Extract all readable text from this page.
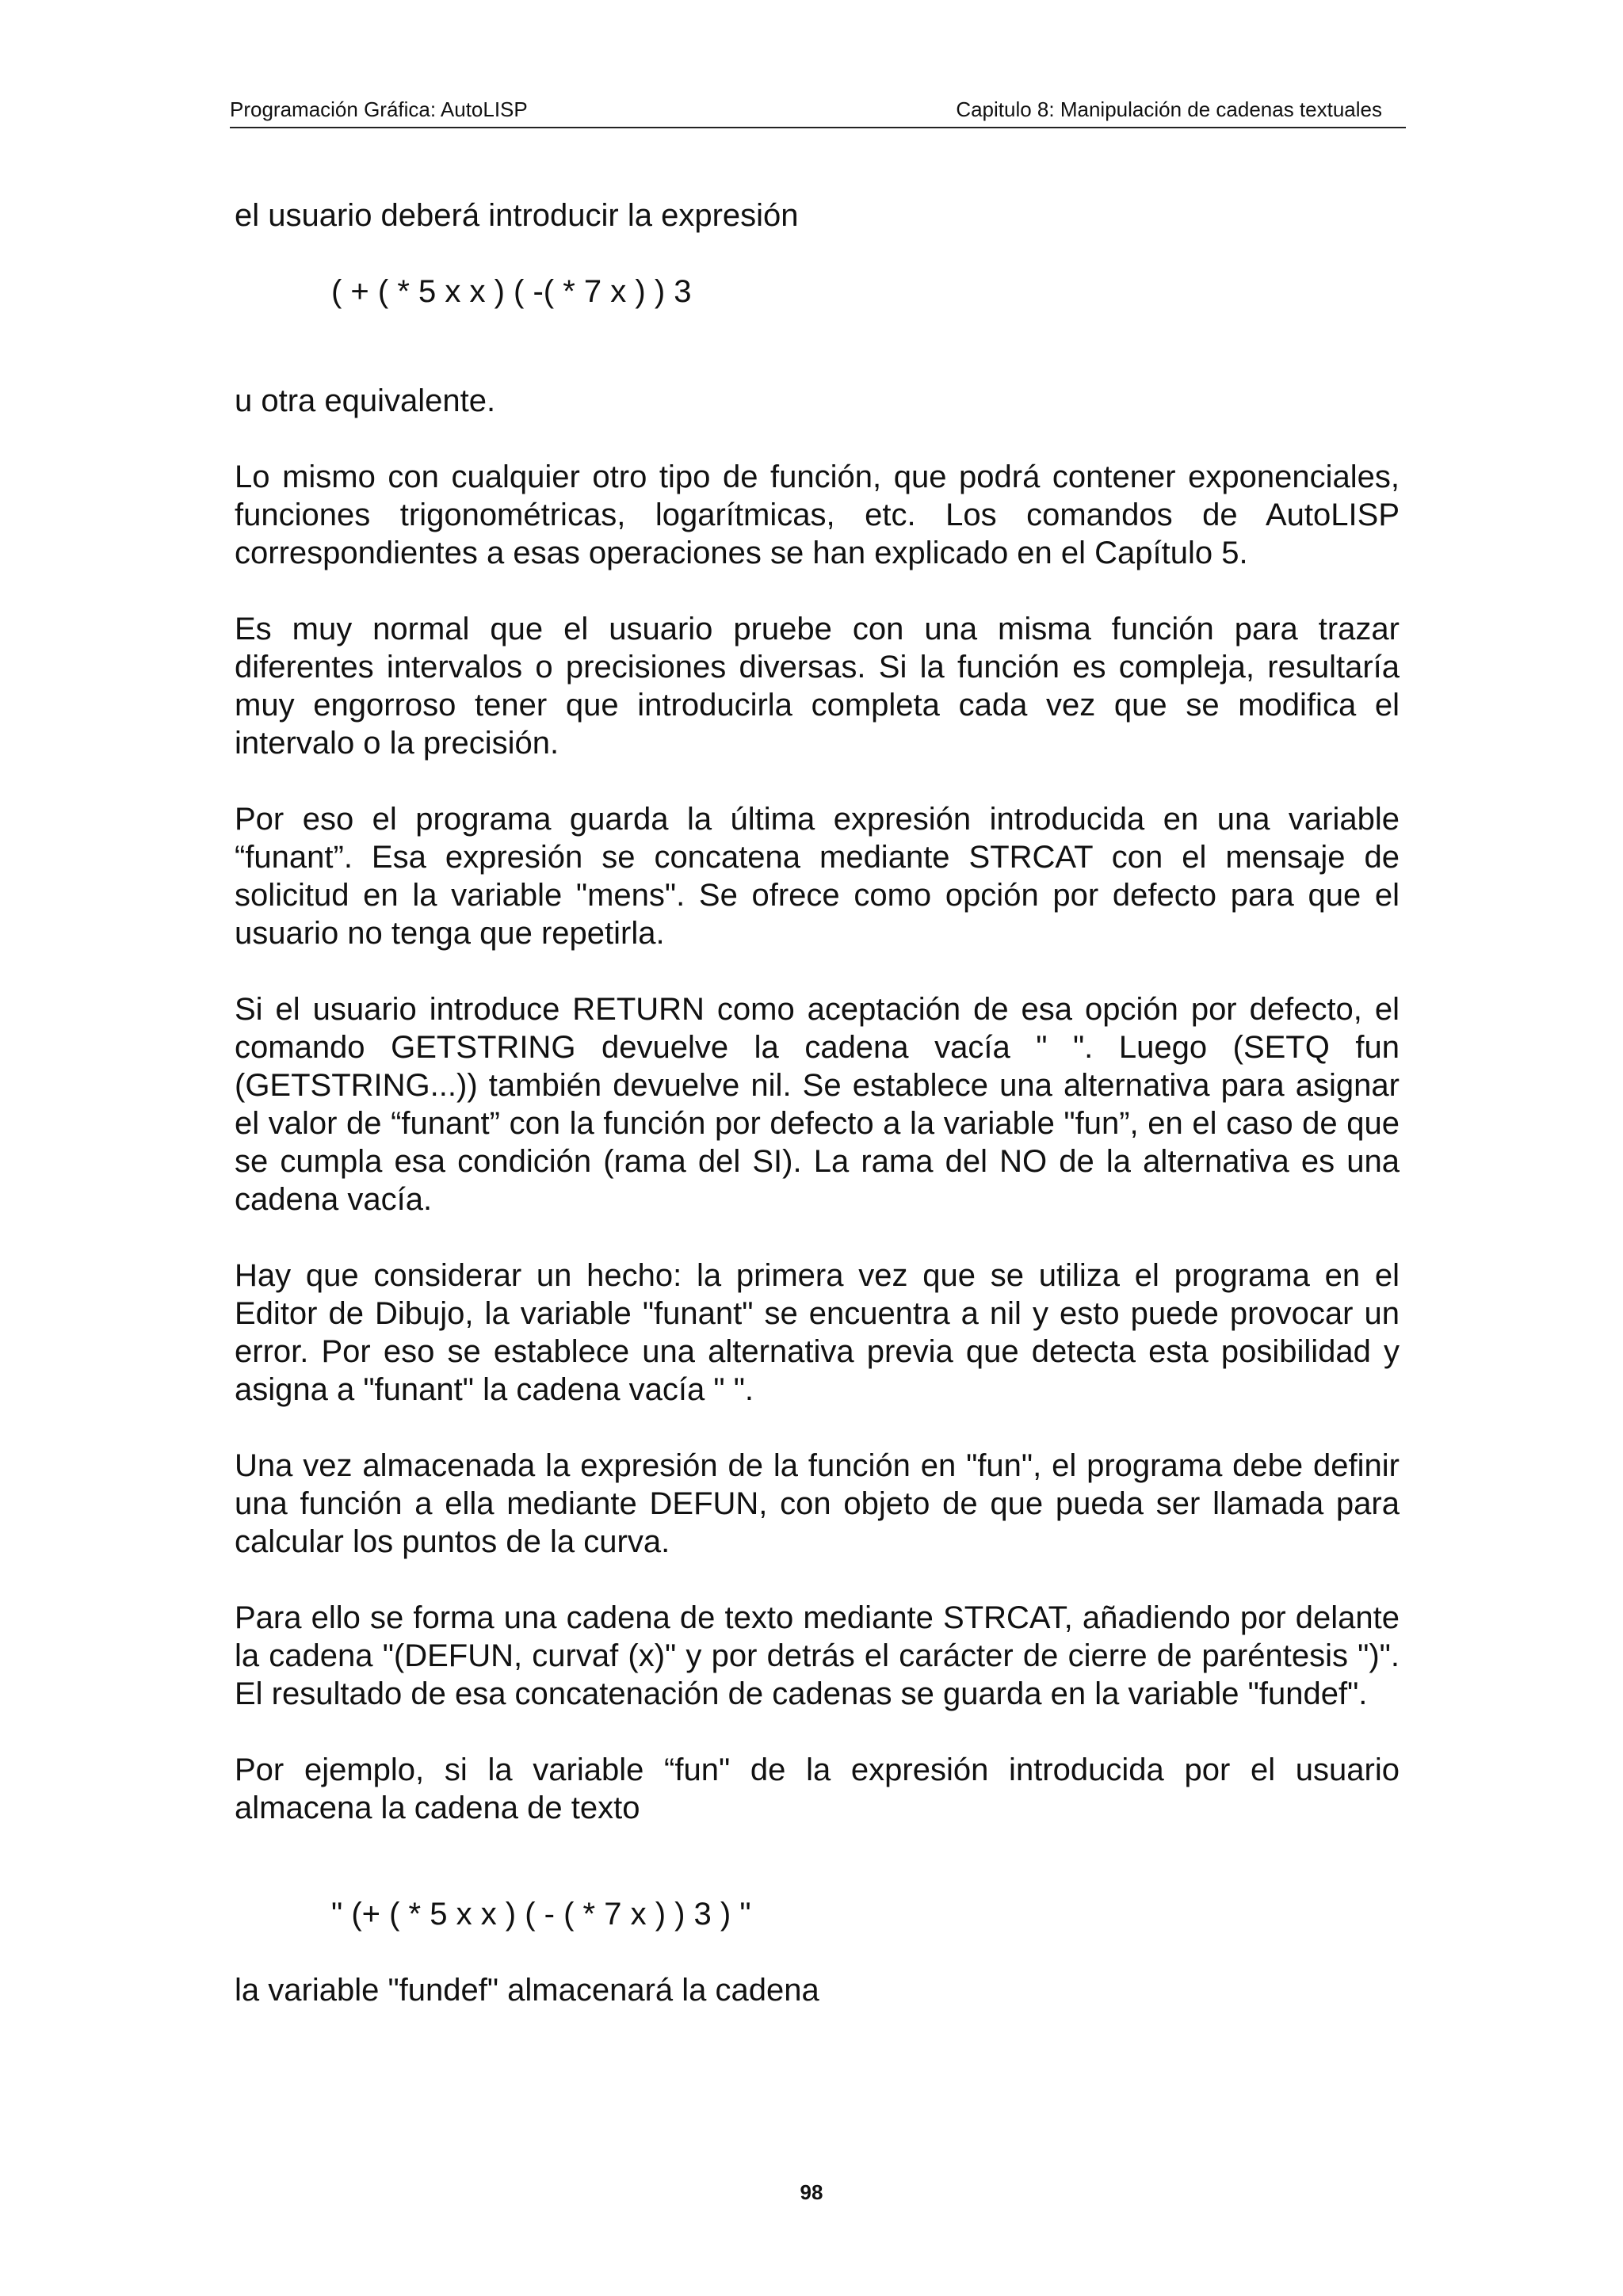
Programación Gráfica: AutoLISP	Capitulo 8: Manipulación de cadenas textuales

el usuario deberá introducir la expresión

( + ( * 5 x x ) ( -( * 7 x ) ) 3

u otra equivalente.

Lo mismo con cualquier otro tipo de función, que podrá contener exponenciales, funciones trigonométricas, logarítmicas, etc. Los comandos de AutoLISP correspondientes a esas operaciones se han explicado en el Capítulo 5.

Es muy normal que el usuario pruebe con una misma función para trazar diferentes intervalos o precisiones diversas. Si la función es compleja, resultaría muy engorroso tener que introducirla completa cada vez que se modifica el intervalo o la precisión.

Por eso el programa guarda la última expresión introducida en una variable “funant”. Esa expresión se concatena mediante STRCAT con el mensaje de solicitud en la variable "mens". Se ofrece como opción por defecto para que el usuario no tenga que repetirla.

Si el usuario introduce RETURN como aceptación de esa opción por defecto, el comando GETSTRING devuelve la cadena vacía " ". Luego (SETQ fun (GETSTRING...)) también devuelve nil. Se establece una alternativa para asignar el valor de “funant” con la función por defecto a la variable "fun”, en el caso de que se cumpla esa condición (rama del SI). La rama del NO de la alternativa es una cadena vacía.

Hay que considerar un hecho: la primera vez que se utiliza el programa en el Editor de Dibujo, la variable "funant" se encuentra a nil y esto puede provocar un error. Por eso se establece una alternativa previa que detecta esta posibilidad y asigna a "funant" la cadena vacía " ".

Una vez almacenada la expresión de la función en "fun", el programa debe definir una función a ella mediante DEFUN, con objeto de que pueda ser llamada para calcular los puntos de la curva.

Para ello se forma una cadena de texto mediante STRCAT, añadiendo por delante la cadena "(DEFUN, curvaf (x)" y por detrás el carácter de cierre de paréntesis ")". El resultado de esa concatenación de cadenas se guarda en la variable "fundef".

Por ejemplo, si la variable “fun" de la expresión introducida por el usuario almacena la cadena de texto

" (+ ( * 5 x x ) ( - ( * 7 x ) ) 3 ) "

la variable "fundef" almacenará la cadena

98
